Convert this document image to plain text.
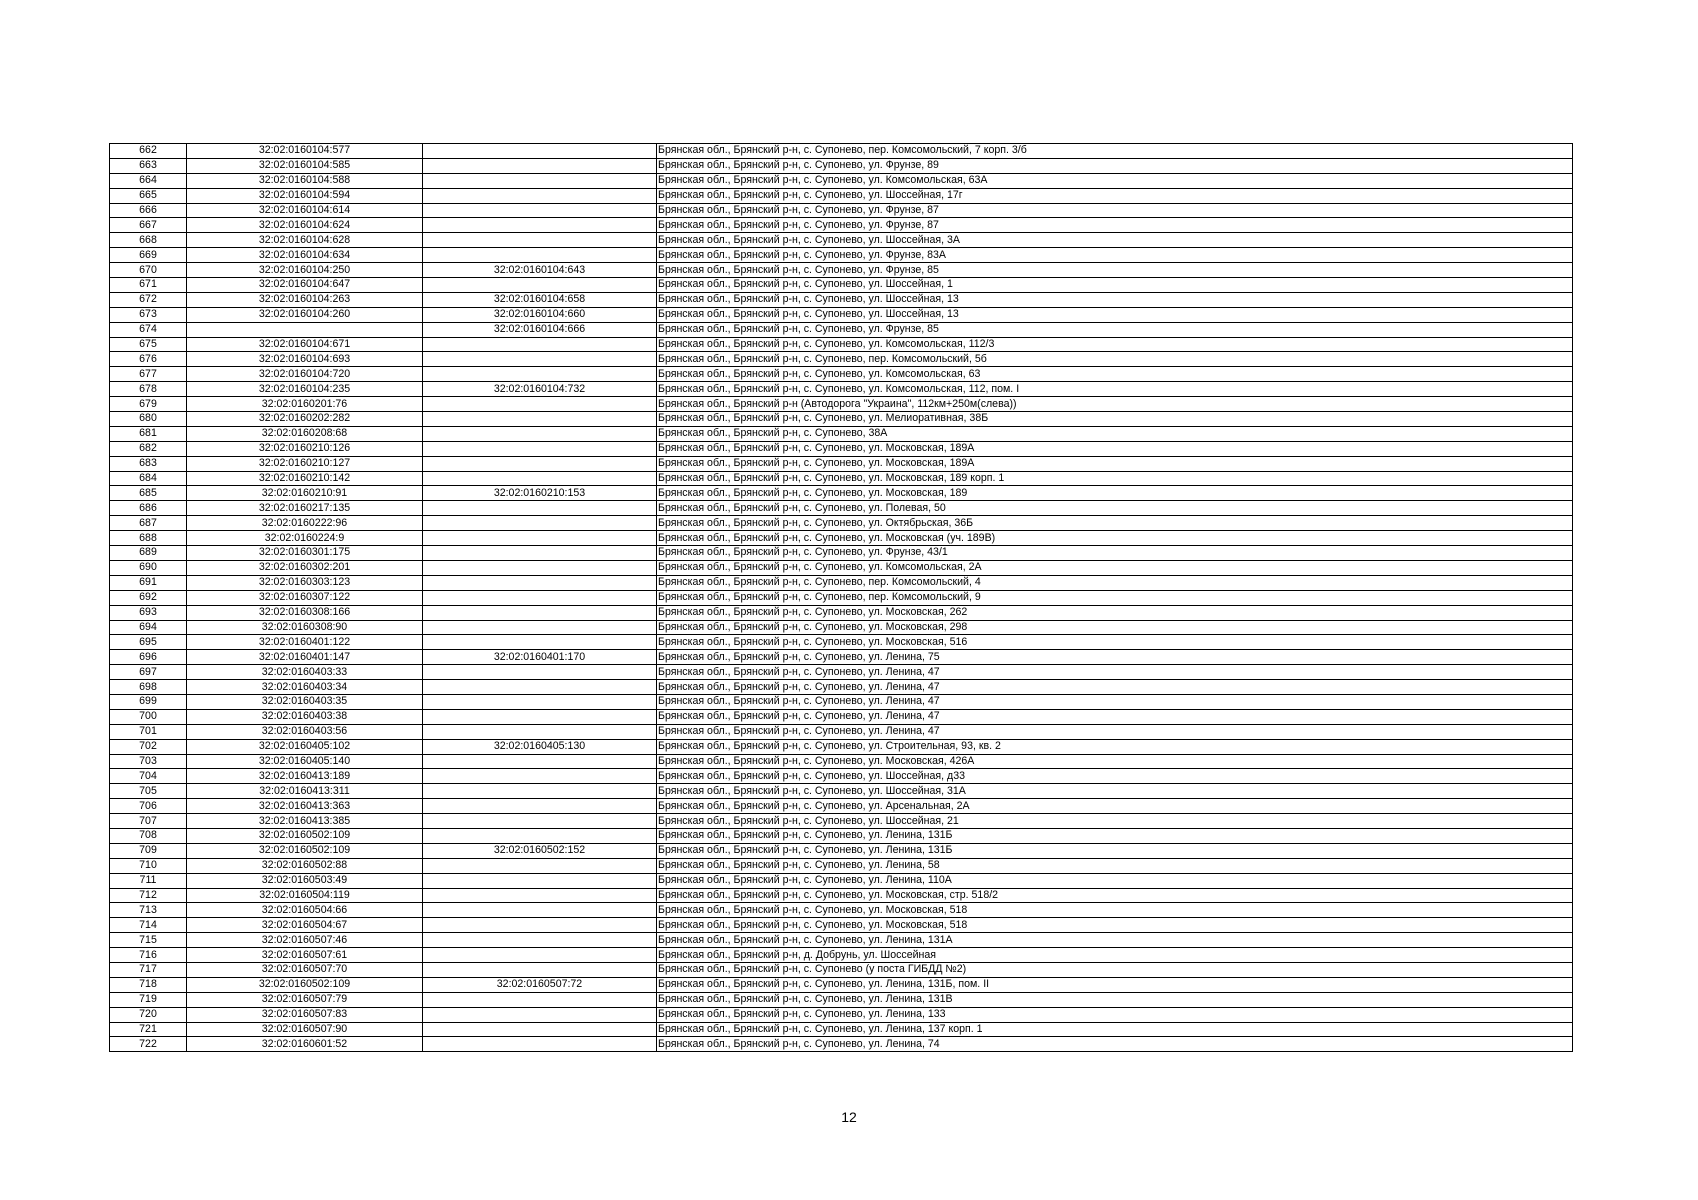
662	32:02:0160104:577		Брянская обл., Брянский р-н, с. Супонево, пер. Комсомольский, 7 корп. 3/б
663	32:02:0160104:585		Брянская обл., Брянский р-н, с. Супонево, ул. Фрунзе, 89
664	32:02:0160104:588		Брянская обл., Брянский р-н, с. Супонево, ул. Комсомольская, 63А
665	32:02:0160104:594		Брянская обл., Брянский р-н, с. Супонево, ул. Шоссейная, 17г
666	32:02:0160104:614		Брянская обл., Брянский р-н, с. Супонево, ул. Фрунзе, 87
667	32:02:0160104:624		Брянская обл., Брянский р-н, с. Супонево, ул. Фрунзе, 87
668	32:02:0160104:628		Брянская обл., Брянский р-н, с. Супонево, ул. Шоссейная, 3А
669	32:02:0160104:634		Брянская обл., Брянский р-н, с. Супонево, ул. Фрунзе, 83А
670	32:02:0160104:250	32:02:0160104:643	Брянская обл., Брянский р-н, с. Супонево, ул. Фрунзе, 85
671	32:02:0160104:647		Брянская обл., Брянский р-н, с. Супонево, ул. Шоссейная, 1
672	32:02:0160104:263	32:02:0160104:658	Брянская обл., Брянский р-н, с. Супонево, ул. Шоссейная, 13
673	32:02:0160104:260	32:02:0160104:660	Брянская обл., Брянский р-н, с. Супонево, ул. Шоссейная, 13
674		32:02:0160104:666	Брянская обл., Брянский р-н, с. Супонево, ул. Фрунзе, 85
675	32:02:0160104:671		Брянская обл., Брянский р-н, с. Супонево, ул. Комсомольская, 112/3
676	32:02:0160104:693		Брянская обл., Брянский р-н, с. Супонево, пер. Комсомольский, 5б
677	32:02:0160104:720		Брянская обл., Брянский р-н, с. Супонево, ул. Комсомольская, 63
678	32:02:0160104:235	32:02:0160104:732	Брянская обл., Брянский р-н, с. Супонево, ул. Комсомольская, 112, пом. I
679	32:02:0160201:76		Брянская обл., Брянский р-н (Автодорога "Украина", 112км+250м(слева))
680	32:02:0160202:282		Брянская обл., Брянский р-н, с. Супонево, ул. Мелиоративная, 38Б
681	32:02:0160208:68		Брянская обл., Брянский р-н, с. Супонево, 38А
682	32:02:0160210:126		Брянская обл., Брянский р-н, с. Супонево, ул. Московская, 189А
683	32:02:0160210:127		Брянская обл., Брянский р-н, с. Супонево, ул. Московская, 189А
684	32:02:0160210:142		Брянская обл., Брянский р-н, с. Супонево, ул. Московская, 189 корп. 1
685	32:02:0160210:91	32:02:0160210:153	Брянская обл., Брянский р-н, с. Супонево, ул. Московская, 189
686	32:02:0160217:135		Брянская обл., Брянский р-н, с. Супонево, ул. Полевая, 50
687	32:02:0160222:96		Брянская обл., Брянский р-н, с. Супонево, ул. Октябрьская, 36Б
688	32:02:0160224:9		Брянская обл., Брянский р-н, с. Супонево, ул. Московская (уч. 189В)
689	32:02:0160301:175		Брянская обл., Брянский р-н, с. Супонево, ул. Фрунзе, 43/1
690	32:02:0160302:201		Брянская обл., Брянский р-н, с. Супонево, ул. Комсомольская, 2А
691	32:02:0160303:123		Брянская обл., Брянский р-н, с. Супонево, пер. Комсомольский, 4
692	32:02:0160307:122		Брянская обл., Брянский р-н, с. Супонево, пер. Комсомольский, 9
693	32:02:0160308:166		Брянская обл., Брянский р-н, с. Супонево, ул. Московская, 262
694	32:02:0160308:90		Брянская обл., Брянский р-н, с. Супонево, ул. Московская, 298
695	32:02:0160401:122		Брянская обл., Брянский р-н, с. Супонево, ул. Московская, 516
696	32:02:0160401:147	32:02:0160401:170	Брянская обл., Брянский р-н, с. Супонево, ул. Ленина, 75
697	32:02:0160403:33		Брянская обл., Брянский р-н, с. Супонево, ул. Ленина, 47
698	32:02:0160403:34		Брянская обл., Брянский р-н, с. Супонево, ул. Ленина, 47
699	32:02:0160403:35		Брянская обл., Брянский р-н, с. Супонево, ул. Ленина, 47
700	32:02:0160403:38		Брянская обл., Брянский р-н, с. Супонево, ул. Ленина, 47
701	32:02:0160403:56		Брянская обл., Брянский р-н, с. Супонево, ул. Ленина, 47
702	32:02:0160405:102	32:02:0160405:130	Брянская обл., Брянский р-н, с. Супонево, ул. Строительная, 93, кв. 2
703	32:02:0160405:140		Брянская обл., Брянский р-н, с. Супонево, ул. Московская, 426А
704	32:02:0160413:189		Брянская обл., Брянский р-н, с. Супонево, ул. Шоссейная, д33
705	32:02:0160413:311		Брянская обл., Брянский р-н, с. Супонево, ул. Шоссейная, 31А
706	32:02:0160413:363		Брянская обл., Брянский р-н, с. Супонево, ул. Арсенальная, 2А
707	32:02:0160413:385		Брянская обл., Брянский р-н, с. Супонево, ул. Шоссейная, 21
708	32:02:0160502:109		Брянская обл., Брянский р-н, с. Супонево, ул. Ленина, 131Б
709	32:02:0160502:109	32:02:0160502:152	Брянская обл., Брянский р-н, с. Супонево, ул. Ленина, 131Б
710	32:02:0160502:88		Брянская обл., Брянский р-н, с. Супонево, ул. Ленина, 58
711	32:02:0160503:49		Брянская обл., Брянский р-н, с. Супонево, ул. Ленина, 110А
712	32:02:0160504:119		Брянская обл., Брянский р-н, с. Супонево, ул. Московская, стр. 518/2
713	32:02:0160504:66		Брянская обл., Брянский р-н, с. Супонево, ул. Московская, 518
714	32:02:0160504:67		Брянская обл., Брянский р-н, с. Супонево, ул. Московская, 518
715	32:02:0160507:46		Брянская обл., Брянский р-н, с. Супонево, ул. Ленина, 131А
716	32:02:0160507:61		Брянская обл., Брянский р-н, д. Добрунь, ул. Шоссейная
717	32:02:0160507:70		Брянская обл., Брянский р-н, с. Супонево (у поста ГИБДД №2)
718	32:02:0160502:109	32:02:0160507:72	Брянская обл., Брянский р-н, с. Супонево, ул. Ленина, 131Б, пом. II
719	32:02:0160507:79		Брянская обл., Брянский р-н, с. Супонево, ул. Ленина, 131В
720	32:02:0160507:83		Брянская обл., Брянский р-н, с. Супонево, ул. Ленина, 133
721	32:02:0160507:90		Брянская обл., Брянский р-н, с. Супонево, ул. Ленина, 137 корп. 1
722	32:02:0160601:52		Брянская обл., Брянский р-н, с. Супонево, ул. Ленина, 74
12
